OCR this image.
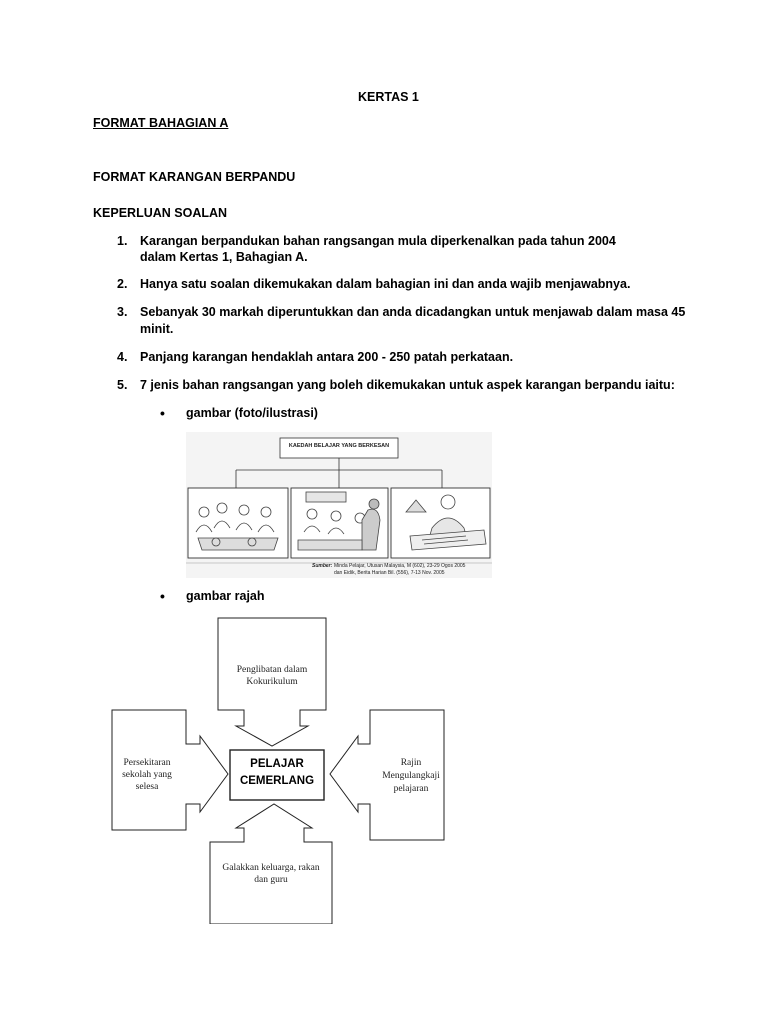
KERTAS 1
FORMAT BAHAGIAN A
FORMAT KARANGAN BERPANDU
KEPERLUAN SOALAN
1. Karangan berpandukan bahan rangsangan mula diperkenalkan pada tahun 2004
dalam Kertas 1, Bahagian A.
2. Hanya satu soalan dikemukakan dalam bahagian ini dan anda wajib menjawabnya.
3. Sebanyak 30 markah diperuntukkan dan anda dicadangkan untuk menjawab dalam masa 45
minit.
4. Panjang karangan hendaklah antara 200 - 250 patah perkataan.
5. 7 jenis bahan rangsangan yang boleh dikemukakan untuk aspek karangan berpandu iaitu:
• gambar (foto/ilustrasi)
KAEDAH BELAJAR YANG BERKESAN
Sumber: Minda Pelajar, Utusan Malaysia, M (602), 23-29 Ogos 2005
dan Eidik, Berita Harian Bil. (556), 7-13 Nov. 2005
• gambar rajah
PELAJAR
CEMERLANG
Penglibatan dalam
Kokurikulum
Persekitaran
sekolah yang
selesa
Rajin
Mengulangkaji
pelajaran
Galakkan keluarga, rakan
dan guru
